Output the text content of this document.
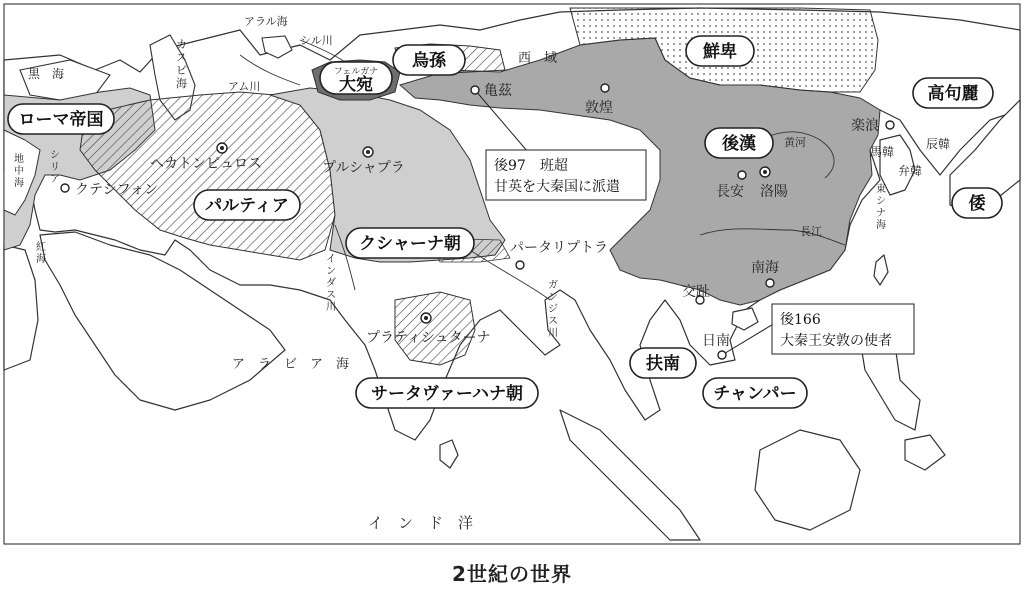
ローマ帝国
パルティア
クシャーナ朝
サータヴァーハナ朝
烏孫
フェルガナ
大宛
鮮卑
後漢
高句麗
倭
扶南
チャンパー
亀茲
敦煌
長安 洛陽
楽浪
南海
交趾
日南
クテシフォン
ヘカトンピュロス	プルシャプラ
パータリプトラ
プラティシュターナ
西　域
馬韓
辰韓
弁韓
黒　海
アラル海
シル川
アム川
黄河
長江
ア　ラ　ビ　ア　海
イ　ン　ド　洋
カスピ海
シリア
地中海
紅海	インダス川
ガンジス川
東シナ海
後97　班超
甘英を大秦国に派遣
後166
大秦王安敦の使者
2世紀の世界
